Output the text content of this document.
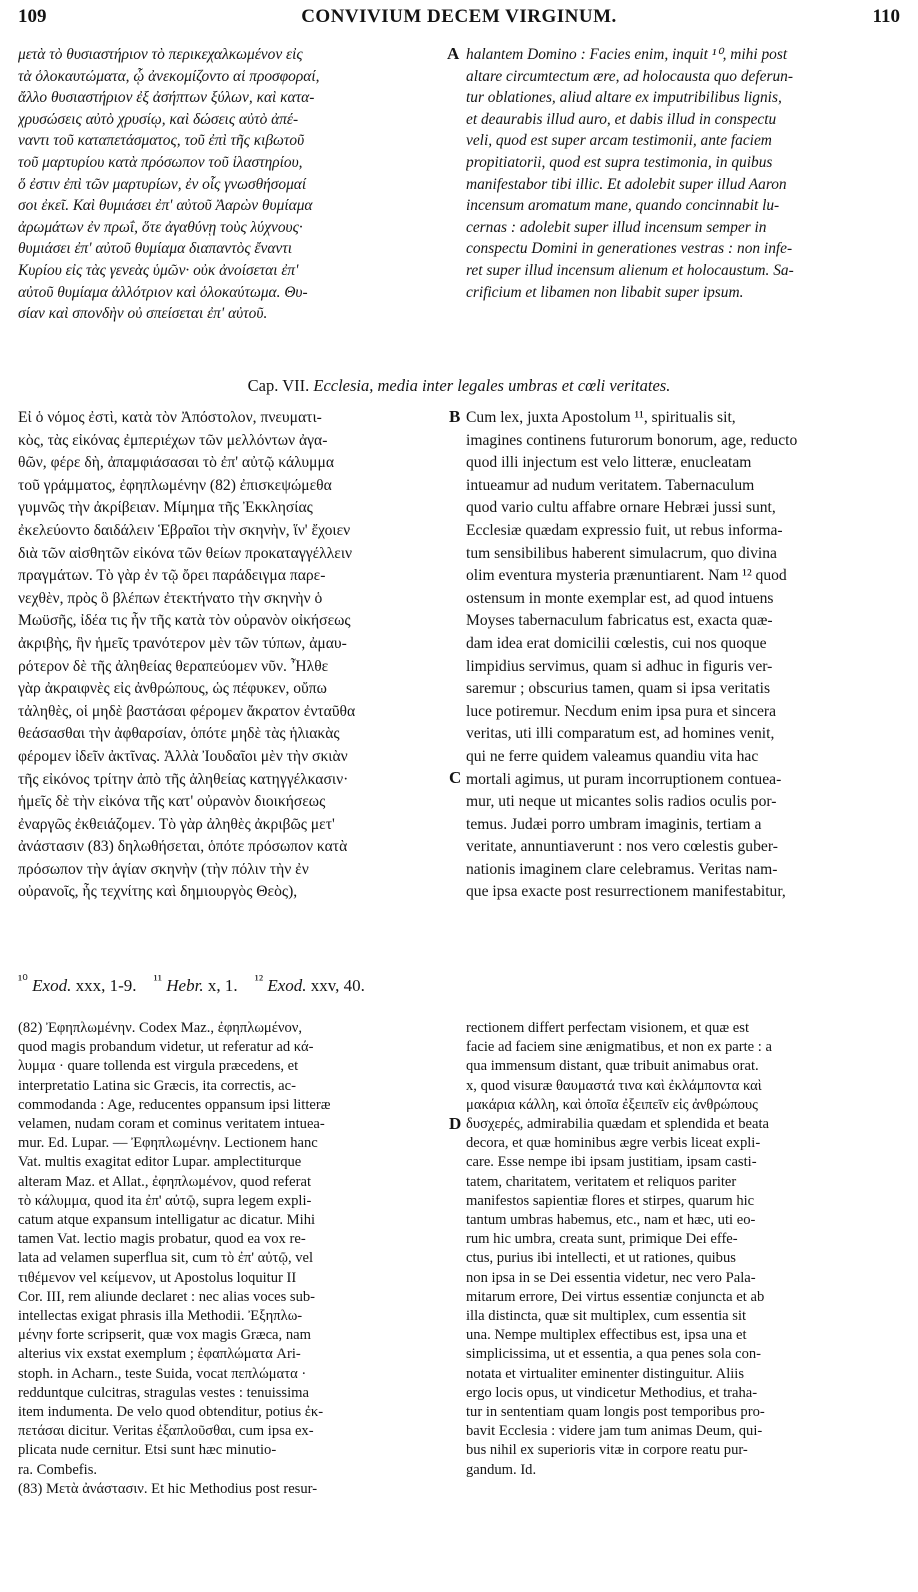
109	CONVIVIUM DECEM VIRGINUM.	110
μετὰ τὸ θυσιαστήριον τὸ περικεχαλκωμένον εἰς
τὰ ὁλοκαυτώματα, ᾧ ἀνεκομίζοντο αἱ προσφοραί,
ἄλλο θυσιαστήριον ἐξ ἀσήπτων ξύλων, καὶ κατα-
χρυσώσεις αὐτὸ χρυσίῳ, καὶ δώσεις αὐτὸ ἀπέ-
ναντι τοῦ καταπετάσματος, τοῦ ἐπὶ τῆς κιβωτοῦ
τοῦ μαρτυρίου κατὰ πρόσωπον τοῦ ἱλαστηρίου,
ὅ ἐστιν ἐπὶ τῶν μαρτυρίων, ἐν οἷς γνωσθήσομαί
σοι ἐκεῖ. Καὶ θυμιάσει ἐπ' αὐτοῦ Ἀαρὼν θυμίαμα
ἀρωμάτων ἐν πρωΐ, ὅτε ἀγαθύνῃ τοὺς λύχνους·
θυμιάσει ἐπ' αὐτοῦ θυμίαμα διαπαντὸς ἔναντι
Κυρίου εἰς τὰς γενεὰς ὑμῶν· οὐκ ἀνοίσεται ἐπ'
αὐτοῦ θυμίαμα ἀλλότριον καὶ ὁλοκαύτωμα. Θυ-
σίαν καὶ σπονδὴν οὐ σπείσεται ἐπ' αὐτοῦ.
halantem Domino : Facies enim, inquit ¹⁰, mihi post
altare circumtectum ære, ad holocausta quo deferun-
tur oblationes, aliud altare ex imputribilibus lignis,
et deaurabis illud auro, et dabis illud in conspectu
veli, quod est super arcam testimonii, ante faciem
propitiatorii, quod est supra testimonia, in quibus
manifestabor tibi illic. Et adolebit super illud Aaron
incensum aromatum mane, quando concinnabit lu-
cernas : adolebit super illud incensum semper in
conspectu Domini in generationes vestras : non infe-
ret super illud incensum alienum et holocaustum. Sa-
crificium et libamen non libabit super ipsum.
A
Cap. VII. Ecclesia, media inter legales umbras et cœli veritates.
Εἰ ὁ νόμος ἐστὶ, κατὰ τὸν Ἀπόστολον, πνευματι-
κὸς, τὰς εἰκόνας ἐμπεριέχων τῶν μελλόντων ἀγα-
θῶν, φέρε δὴ, ἀπαμφιάσασαι τὸ ἐπ' αὐτῷ κάλυμμα
τοῦ γράμματος, ἐφηπλωμένην (82) ἐπισκεψώμεθα
γυμνῶς τὴν ἀκρίβειαν. Μίμημα τῆς Ἐκκλησίας
ἐκελεύοντο δαιδάλειν Ἑβραῖοι τὴν σκηνὴν, ἵν' ἔχοιεν
διὰ τῶν αἰσθητῶν εἰκόνα τῶν θείων προκαταγγέλλειν
πραγμάτων. Τὸ γὰρ ἐν τῷ ὄρει παράδειγμα παρε-
νεχθὲν, πρὸς ὃ βλέπων ἐτεκτήνατο τὴν σκηνὴν ὁ
Μωϋσῆς, ἰδέα τις ἦν τῆς κατὰ τὸν οὐρανὸν οἰκήσεως
ἀκριβὴς, ἣν ἡμεῖς τρανότερον μὲν τῶν τύπων, ἀμαυ-
ρότερον δὲ τῆς ἀληθείας θεραπεύομεν νῦν. Ἦλθε
γὰρ ἀκραιφνὲς εἰς ἀνθρώπους, ὡς πέφυκεν, οὔπω
τἀληθὲς, οἱ μηδὲ βαστάσαι φέρομεν ἄκρατον ἐνταῦθα
θεάσασθαι τὴν ἀφθαρσίαν, ὁπότε μηδὲ τὰς ἡλιακὰς
φέρομεν ἰδεῖν ἀκτῖνας. Ἀλλὰ Ἰουδαῖοι μὲν τὴν σκιὰν
τῆς εἰκόνος τρίτην ἀπὸ τῆς ἀληθείας κατηγγέλκασιν·
ἡμεῖς δὲ τὴν εἰκόνα τῆς κατ' οὐρανὸν διοικήσεως
ἐναργῶς ἐκθειάζομεν. Τὸ γὰρ ἀληθὲς ἀκριβῶς μετ'
ἀνάστασιν (83) δηλωθήσεται, ὁπότε πρόσωπον κατὰ
πρόσωπον τὴν ἁγίαν σκηνὴν (τὴν πόλιν τὴν ἐν
οὐρανοῖς, ἧς τεχνίτης καὶ δημιουργὸς Θεὸς),
Cum lex, juxta Apostolum ¹¹, spiritualis sit,
imagines continens futurorum bonorum, age, reducto
quod illi injectum est velo litteræ, enucleatam
intueamur ad nudum veritatem. Tabernaculum
quod vario cultu affabre ornare Hebræi jussi sunt,
Ecclesiæ quædam expressio fuit, ut rebus informa-
tum sensibilibus haberent simulacrum, quo divina
olim eventura mysteria prænuntiarent. Nam ¹² quod
ostensum in monte exemplar est, ad quod intuens
Moyses tabernaculum fabricatus est, exacta quæ-
dam idea erat domicilii cœlestis, cui nos quoque
limpidius servimus, quam si adhuc in figuris ver-
saremur ; obscurius tamen, quam si ipsa veritatis
luce potiremur. Necdum enim ipsa pura et sincera
veritas, uti illi comparatum est, ad homines venit,
qui ne ferre quidem valeamus quandiu vita hac
mortali agimus, ut puram incorruptionem contuea-
mur, uti neque ut micantes solis radios oculis por-
temus. Judæi porro umbram imaginis, tertiam a
veritate, annuntiaverunt : nos vero cœlestis guber-
nationis imaginem clare celebramus. Veritas nam-
que ipsa exacte post resurrectionem manifestabitur,
B
C
$^{^{10}}$ Exod. xxx, 1-9. $^{^{11}}$ Hebr. x, 1. $^{^{12}}$ Exod. xxv, 40.
(82) Ἐφηπλωμένην. Codex Maz., ἐφηπλωμένον,
quod magis probandum videtur, ut referatur ad κά-
λυμμα · quare tollenda est virgula præcedens, et
interpretatio Latina sic Græcis, ita correctis, ac-
commodanda : Age, reducentes oppansum ipsi litteræ
velamen, nudam coram et cominus veritatem intuea-
mur. Ed. Lupar. — Ἐφηπλωμένην. Lectionem hanc
Vat. multis exagitat editor Lupar. amplectiturque
alteram Maz. et Allat., ἐφηπλωμένον, quod referat
τὸ κάλυμμα, quod ita ἐπ' αὐτῷ, supra legem expli-
catum atque expansum intelligatur ac dicatur. Mihi
tamen Vat. lectio magis probatur, quod ea vox re-
lata ad velamen superflua sit, cum τὸ ἐπ' αὐτῷ, vel
τιθέμενον vel κείμενον, ut Apostolus loquitur II
Cor. III, rem aliunde declaret : nec alias voces sub-
intellectas exigat phrasis illa Methodii. Ἐξηπλω-
μένην forte scripserit, quæ vox magis Græca, nam
alterius vix exstat exemplum ; ἐφαπλώματα Ari-
stoph. in Acharn., teste Suida, vocat πεπλώματα ·
redduntque culcitras, stragulas vestes : tenuissima
item indumenta. De velo quod obtenditur, potius ἐκ-
πετάσαι dicitur. Veritas ἐξαπλοῦσθαι, cum ipsa ex-
plicata nude cernitur. Etsi sunt hæc minutio-
ra. Combefis.
(83) Μετὰ ἀνάστασιν. Et hic Methodius post resur-
rectionem differt perfectam visionem, et quæ est
facie ad faciem sine ænigmatibus, et non ex parte : a
qua immensum distant, quæ tribuit animabus orat.
x, quod visuræ θαυμαστά τινα καὶ ἐκλάμποντα καὶ
μακάρια κάλλη, καὶ ὁποῖα ἐξειπεῖν εἰς ἀνθρώπους
δυσχερές, admirabilia quædam et splendida et beata
decora, et quæ hominibus ægre verbis liceat expli-
care. Esse nempe ibi ipsam justitiam, ipsam casti-
tatem, charitatem, veritatem et reliquos pariter
manifestos sapientiæ flores et stirpes, quarum hic
tantum umbras habemus, etc., nam et hæc, uti eo-
rum hic umbra, creata sunt, primique Dei effe-
ctus, purius ibi intellecti, et ut rationes, quibus
non ipsa in se Dei essentia videtur, nec vero Pala-
mitarum errore, Dei virtus essentiæ conjuncta et ab
illa distincta, quæ sit multiplex, cum essentia sit
una. Nempe multiplex effectibus est, ipsa una et
simplicissima, ut et essentia, a qua penes sola con-
notata et virtualiter eminenter distinguitur. Aliis
ergo locis opus, ut vindicetur Methodius, et traha-
tur in sententiam quam longis post temporibus pro-
bavit Ecclesia : videre jam tum animas Deum, qui-
bus nihil ex superioris vitæ in corpore reatu pur-
gandum. Id.
D
